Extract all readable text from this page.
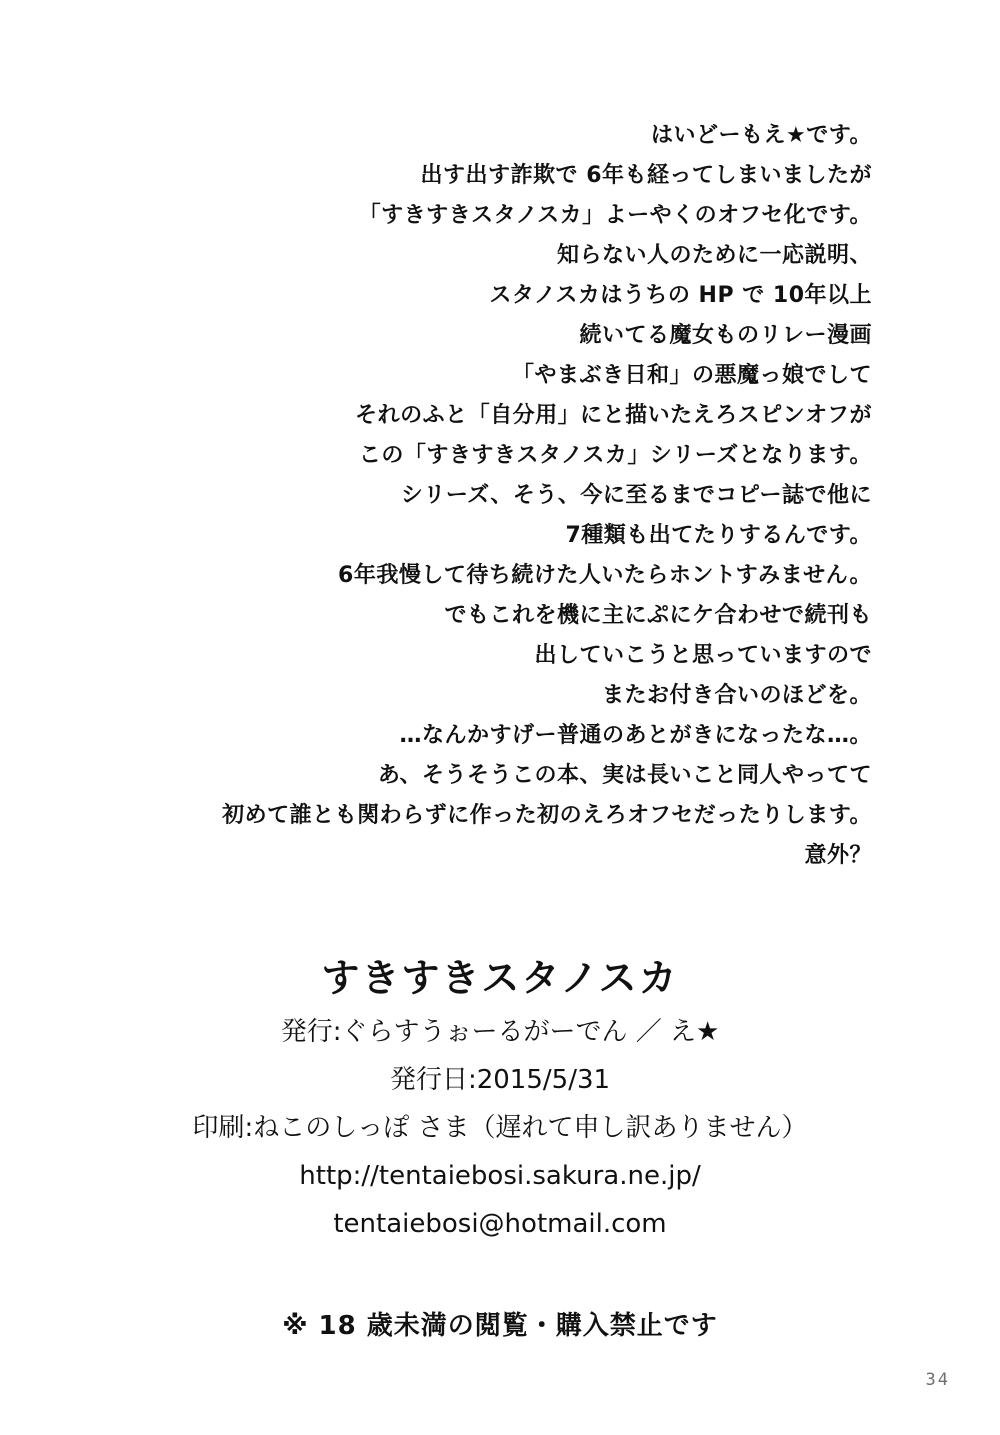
はいどーもえ★です。
出す出す詐欺で 6年も経ってしまいましたが
「すきすきスタノスカ」よーやくのオフセ化です。
知らない人のために一応説明、
スタノスカはうちの HP で 10年以上
続いてる魔女ものリレー漫画
「やまぶき日和」の悪魔っ娘でして
それのふと「自分用」にと描いたえろスピンオフが
この「すきすきスタノスカ」シリーズとなります。
シリーズ、そう、今に至るまでコピー誌で他に
7種類も出てたりするんです。
6年我慢して待ち続けた人いたらホントすみません。
でもこれを機に主にぷにケ合わせで続刊も
出していこうと思っていますので
またお付き合いのほどを。
…なんかすげー普通のあとがきになったな…。
あ、そうそうこの本、実は長いこと同人やってて
初めて誰とも関わらずに作った初のえろオフセだったりします。
意外？
すきすきスタノスカ
発行:ぐらすうぉーるがーでん ／ え★
発行日:2015/5/31
印刷:ねこのしっぽ さま（遅れて申し訳ありません）
http://tentaiebosi.sakura.ne.jp/
tentaiebosi@hotmail.com
※ 18 歳未満の閲覧・購入禁止です
34
